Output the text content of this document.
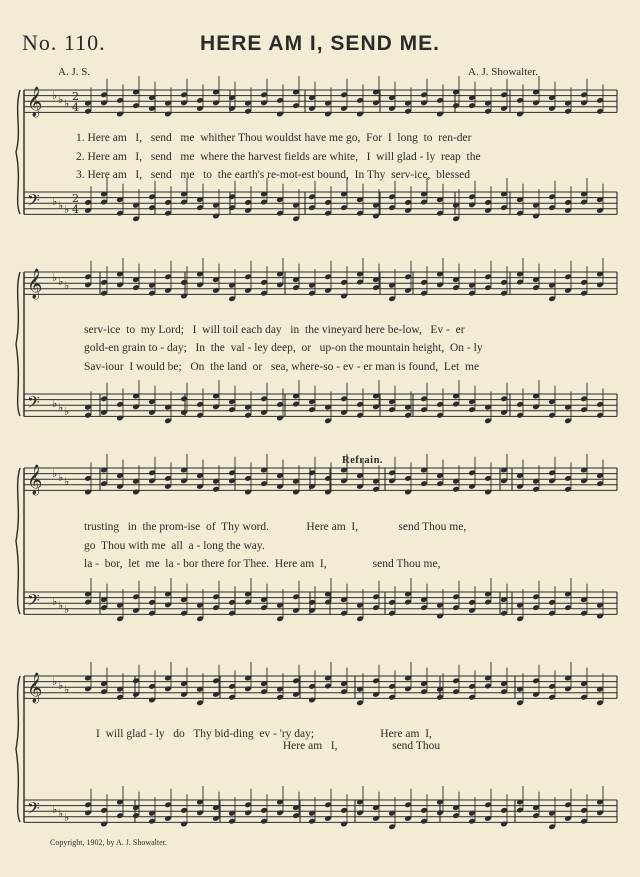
No. 110.	HERE AM I, SEND ME.
A. J. S.	A. J. Showalter.
𝄞
𝄢
♭
♭
♭
♭
♭
♭
2
4
2
4
𝄞
𝄢
♭
♭
♭
♭
♭
♭
𝄞
𝄢
♭
♭
♭
♭
♭
♭
𝄞
𝄢
♭
♭
♭
♭
♭
♭
1. Here am   I,   send   me  whither Thou wouldst have me go,  For  I  long  to  ren-der
2. Here am   I,   send   me  where the harvest fields are white,   I  will glad - ly  reap  the
3. Here am   I,   send   me   to  the earth's re-mot-est bound,  In Thy  serv-ice,  blessed
serv-ice  to  my Lord;   I  will toil each day   in  the vineyard here be-low,   Ev -  er
gold-en grain to - day;   In  the  val - ley deep,  or   up-on the mountain height,  On - ly
Sav-iour  I would be;   On  the land  or   sea, where-so - ev - er man is found,  Let  me
Refrain.
trusting   in  the prom-ise  of  Thy word.             Here am  I,              send Thou me,
go  Thou with me  all  a - long the way.
la -  bor,  let  me  la - bor there for Thee.  Here am  I,                send Thou me,
I  will glad - ly   do   Thy bid-ding  ev - 'ry day;                       Here am  I,
Here am   I,                   send Thou
Copyright, 1902, by A. J. Showalter.
